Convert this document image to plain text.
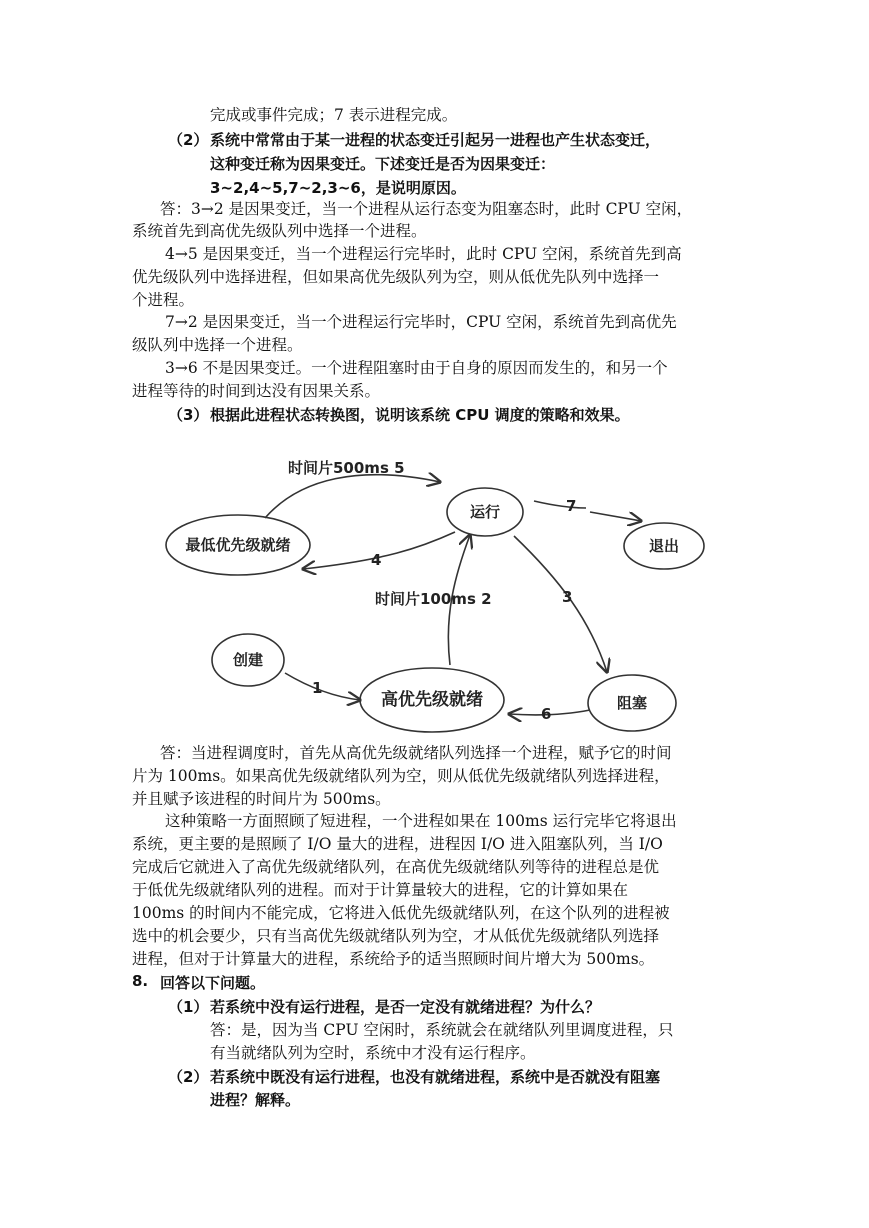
完成或事件完成；7 表示进程完成。
（2） 系统中常常由于某一进程的状态变迁引起另一进程也产生状态变迁，
这种变迁称为因果变迁。下述变迁是否为因果变迁：
3~2,4~5,7~2,3~6，是说明原因。
答：3→2 是因果变迁，当一个进程从运行态变为阻塞态时，此时 CPU 空闲，
系统首先到高优先级队列中选择一个进程。
4→5 是因果变迁，当一个进程运行完毕时，此时 CPU 空闲，系统首先到高
优先级队列中选择进程，但如果高优先级队列为空，则从低优先队列中选择一
个进程。
7→2 是因果变迁，当一个进程运行完毕时，CPU 空闲，系统首先到高优先
级队列中选择一个进程。
3→6 不是因果变迁。一个进程阻塞时由于自身的原因而发生的，和另一个
进程等待的时间到达没有因果关系。
（3） 根据此进程状态转换图，说明该系统 CPU 调度的策略和效果。
运行
退出
最低优先级就绪
高优先级就绪
创建
阻塞
时间片500ms 5
7
4
时间片100ms 2	3
1
6
答：当进程调度时，首先从高优先级就绪队列选择一个进程，赋予它的时间
片为 100ms。如果高优先级就绪队列为空，则从低优先级就绪队列选择进程，
并且赋予该进程的时间片为 500ms。
这种策略一方面照顾了短进程，一个进程如果在 100ms 运行完毕它将退出
系统，更主要的是照顾了 I/O 量大的进程，进程因 I/O 进入阻塞队列，当 I/O
完成后它就进入了高优先级就绪队列，在高优先级就绪队列等待的进程总是优
于低优先级就绪队列的进程。而对于计算量较大的进程，它的计算如果在
100ms 的时间内不能完成，它将进入低优先级就绪队列，在这个队列的进程被
选中的机会要少，只有当高优先级就绪队列为空，才从低优先级就绪队列选择
进程，但对于计算量大的进程，系统给予的适当照顾时间片增大为 500ms。
8. 回答以下问题。
（1） 若系统中没有运行进程，是否一定没有就绪进程？为什么？
答：是，因为当 CPU 空闲时，系统就会在就绪队列里调度进程，只
有当就绪队列为空时，系统中才没有运行程序。
（2） 若系统中既没有运行进程，也没有就绪进程，系统中是否就没有阻塞
进程？解释。
